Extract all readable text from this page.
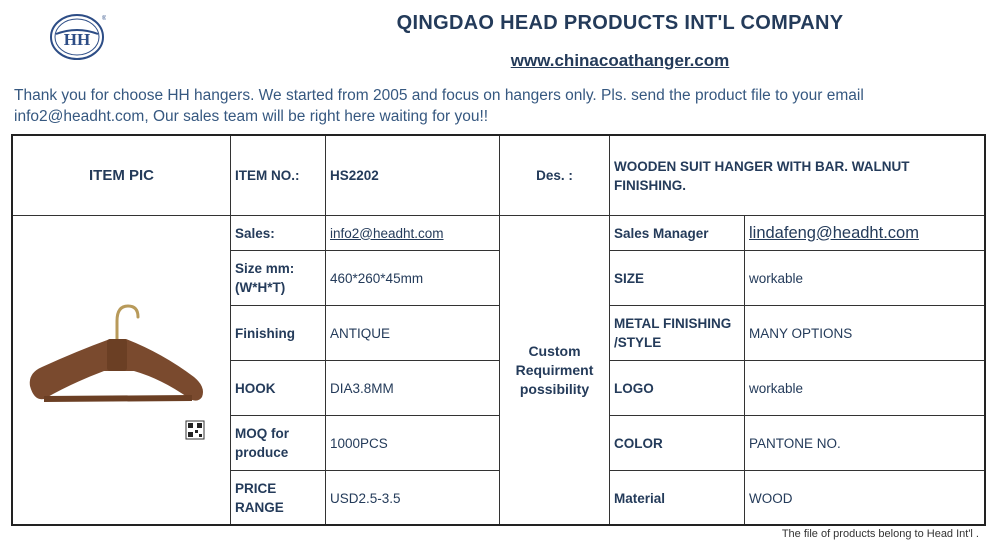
HH
®	QINGDAO HEAD PRODUCTS INT'L COMPANY
www.chinacoathanger.com
Thank you for choose HH hangers. We started from 2005 and focus on hangers only. Pls. send the product file to your email info2@headht.com, Our sales team will be right here waiting for you!!
ITEM PIC	ITEM NO.:	HS2202	Des. :	WOODEN SUIT HANGER WITH BAR. WALNUT FINISHING.	

	Sales:	info2@headht.com	Custom Requirment possibility	Sales Manager	lindafeng@headht.com
	Size mm: (W*H*T)	460*260*45mm		SIZE	workable
	Finishing	ANTIQUE		METAL FINISHING /STYLE	MANY OPTIONS
	HOOK	DIA3.8MM		LOGO	workable
	MOQ for produce	1000PCS		COLOR	PANTONE NO.
	PRICE RANGE	USD2.5-3.5		Material	WOOD
The file of products belong to Head Int'l .
